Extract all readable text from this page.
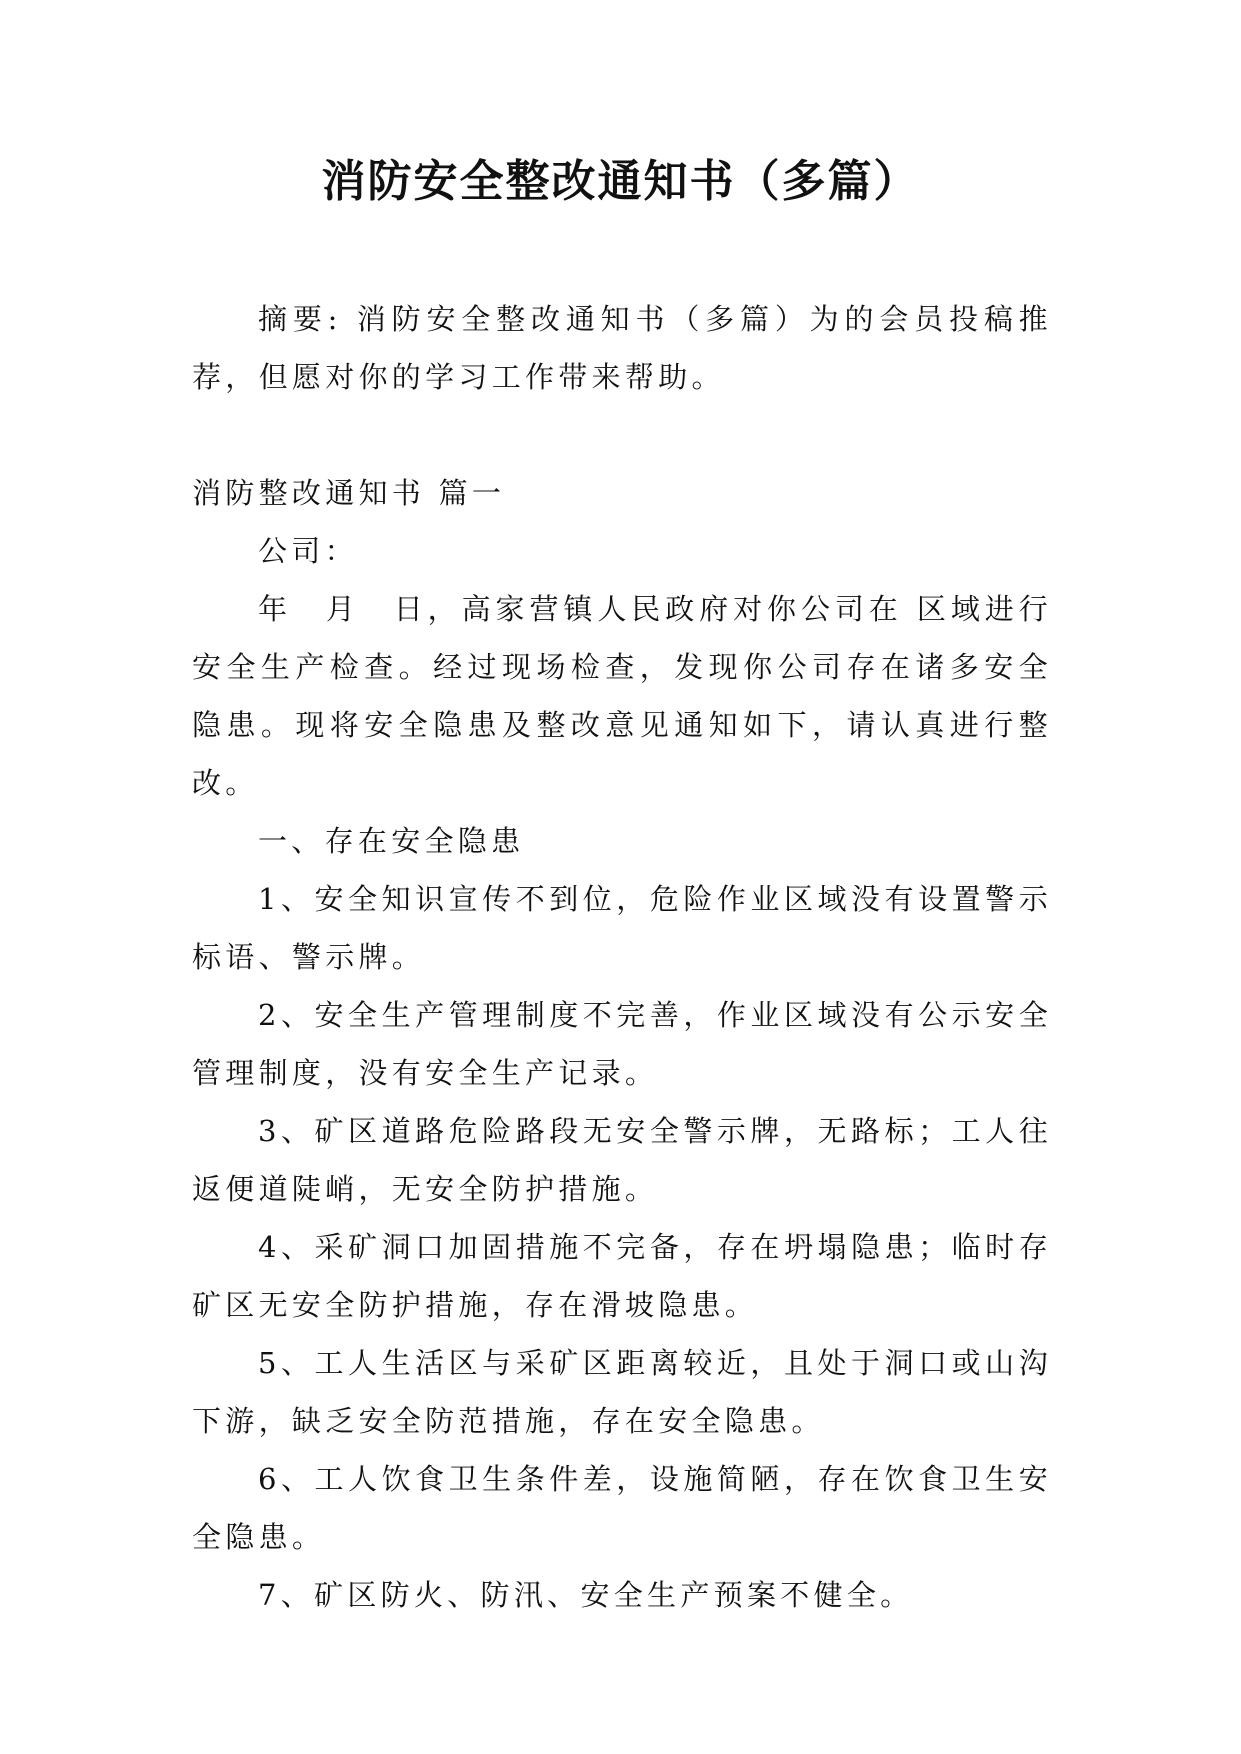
消防安全整改通知书（多篇）

摘要: 消防安全整改通知书（多篇）为的会员投稿推荐，但愿对你的学习工作带来帮助。

消防整改通知书 篇一

公司：

年　月　日，高家营镇人民政府对你公司在 区域进行安全生产检查。经过现场检查，发现你公司存在诸多安全隐患。现将安全隐患及整改意见通知如下，请认真进行整改。

一、存在安全隐患

1、安全知识宣传不到位，危险作业区域没有设置警示标语、警示牌。

2、安全生产管理制度不完善，作业区域没有公示安全管理制度，没有安全生产记录。

3、矿区道路危险路段无安全警示牌，无路标；工人往返便道陡峭，无安全防护措施。

4、采矿洞口加固措施不完备，存在坍塌隐患；临时存矿区无安全防护措施，存在滑坡隐患。

5、工人生活区与采矿区距离较近，且处于洞口或山沟下游，缺乏安全防范措施，存在安全隐患。

6、工人饮食卫生条件差，设施简陋，存在饮食卫生安全隐患。

7、矿区防火、防汛、安全生产预案不健全。
